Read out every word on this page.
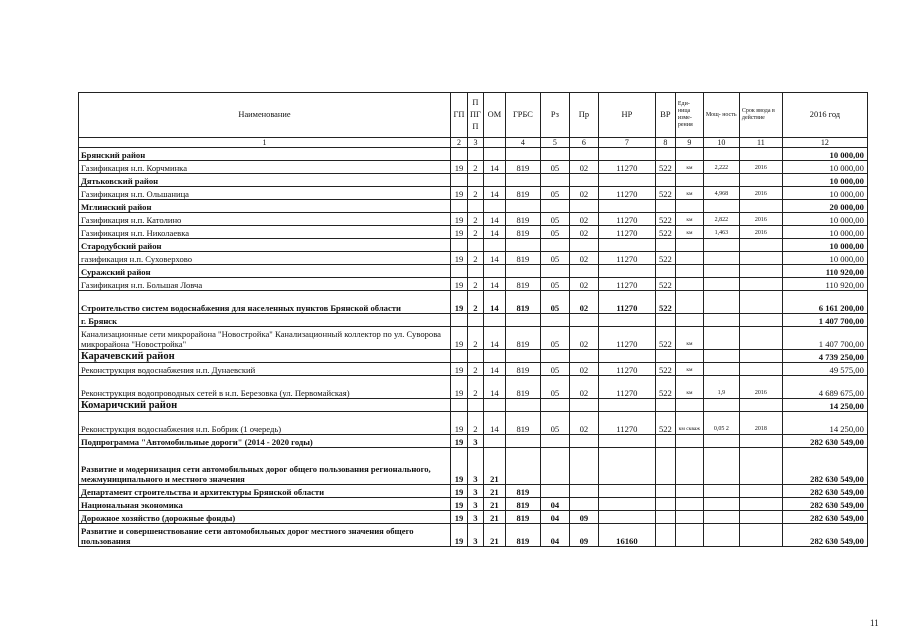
Наименование	ГП	П ПГ П	ОМ	ГРБС	Рз	Пр	НР	ВР	Еди- ница изме- рения	Мощ- ность	Срок ввода в действие	2016 год
1	2	3		4	5	6	7	8	9	10	11	12
Брянский район												10 000,00
Газификация н.п. Корчминка	19	2	14	819	05	02	11270	522	км	2,222	2016	10 000,00
Дятьковский район												10 000,00
Газификация н.п. Ольшаница	19	2	14	819	05	02	11270	522	км	4,968	2016	10 000,00
Мглинский район												20 000,00
Газификация н.п. Католино	19	2	14	819	05	02	11270	522	км	2,822	2016	10 000,00
Газификация н.п. Николаевка	19	2	14	819	05	02	11270	522	км	1,463	2016	10 000,00
Стародубский район												10 000,00
газификация н.п. Суховерхово	19	2	14	819	05	02	11270	522				10 000,00
Суражский район												110 920,00
Газификация н.п. Большая Ловча	19	2	14	819	05	02	11270	522				110 920,00
Строительство систем водоснабжения для населенных пунктов Брянской области	19	2	14	819	05	02	11270	522				6 161 200,00
г. Брянск												1 407 700,00
Канализационные сети микрорайона "Новостройка" Канализационный коллектор по ул. Суворова микрорайона "Новостройка"	19	2	14	819	05	02	11270	522	км			1 407 700,00
Карачевский район												4 739 250,00
Реконструкция водоснабжения н.п. Дунаевский	19	2	14	819	05	02	11270	522	км			49 575,00
Реконструкция водопроводных сетей в н.п. Березовка (ул. Первомайская)	19	2	14	819	05	02	11270	522	км	1,9	2016	4 689 675,00
Комаричский район												14 250,00
Реконструкция водоснабжения н.п. Бобрик (1 очередь)	19	2	14	819	05	02	11270	522	км скваж	0,05 2	2018	14 250,00
Подпрограмма "Автомобильные дороги" (2014 - 2020 годы)	19	3										282 630 549,00
Развитие и модернизация сети автомобильных дорог общего пользования регионального, межмуниципального и местного значения	19	3	21									282 630 549,00
Департамент строительства и архитектуры Брянской области	19	3	21	819								282 630 549,00
Национальная экономика	19	3	21	819	04							282 630 549,00
Дорожное хозяйство (дорожные фонды)	19	3	21	819	04	09						282 630 549,00
Развитие и совершенствование сети автомобильных дорог местного значения общего пользования	19	3	21	819	04	09	16160					282 630 549,00
11
